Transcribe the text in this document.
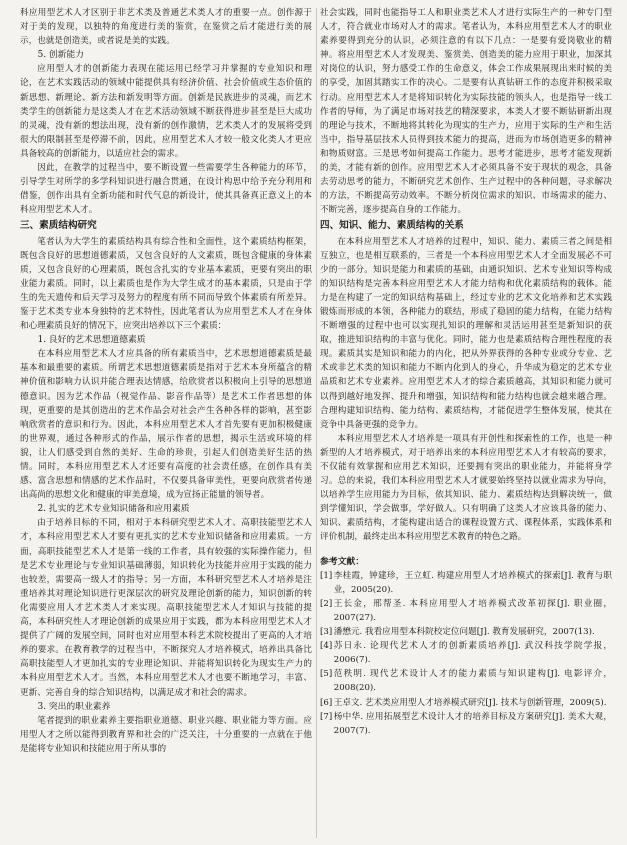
科应用型艺术人才区别于非艺术类及普通艺术类人才的重要一点。创作源于对于美的发现，以独特的角度进行美的鉴赏，在鉴赏之后才能进行美的展示，也就是创造美，或者说是美的实践。

5. 创新能力

应用型人才的创新能力表现在能运用已经学习并掌握的专业知识和理论，在艺术实践活动的领域中能提供具有经济价值、社会价值或生态价值的新思想、新理论、新方法和新发明等方面。创新是民族进步的灵魂，而艺术类学生的创新能力是这类人才在艺术活动领域不断获得进步甚至是巨大成功的灵魂，没有新的想法出现，没有新的创作激情，艺术类人才的发展将受到很大的限制甚至是停滞不前，因此，应用型艺术人才较一般文化类人才更应具备较高的创新能力，以适应社会的需求。

因此，在教学的过程当中，要不断设置一些需要学生各种能力的环节，引导学生对所学的多学科知识进行融合贯通，在设计构思中给予充分利用和借鉴，创作出具有全新功能和时代气息的新设计，使其具备真正意义上的本科应用型艺术人才。

三、素质结构研究

笔者认为大学生的素质结构具有综合性和全面性，这个素质结构框架，既包含良好的思想道德素质，又包含良好的人文素质，既包含健康的身体素质，又包含良好的心理素质，既包含扎实的专业基本素质，更要有突出的职业能力素质。同时，以上素质也是作为大学生成才的基本素质，只是由于学生的先天遗传和后天学习及努力的程度有所不同而导致个体素质有所差异。鉴于艺术类专业本身独特的艺术特性，因此笔者认为应用型艺术人才在身体和心理素质良好的情况下，应突出培养以下三个素质：

1. 良好的艺术思想道德素质

在本科应用型艺术人才应具备的所有素质当中，艺术思想道德素质是最基本和最重要的素质。所谓艺术思想道德素质是指对于艺术本身所蕴含的精神价值和影响力认识并能合理表达情感，给欣赏者以积极向上引导的思想道德意识。因为艺术作品（视觉作品、影音作品等）是艺术工作者思想的体现，更重要的是其创造出的艺术作品会对社会产生各种各样的影响，甚至影响欣赏者的意识和行为。因此，本科应用型艺术人才首先要有更加积极健康的世界观，通过各种形式的作品，展示作者的思想，揭示生活或环境的样貌，让人们感受到自然的美好、生命的珍贵，引起人们创造美好生活的热情。同时，本科应用型艺术人才还要有高度的社会责任感，在创作具有美感、富含思想和情感的艺术作品时，不仅要具备审美性，更要向欣赏者传递出高尚的思想文化和健康的审美意境，成为宣扬正能量的领导者。

2. 扎实的艺术专业知识储备和应用素质

由于培养目标的不同，相对于本科研究型艺术人才、高职技能型艺术人才，本科应用型艺术人才要有更扎实的艺术专业知识储备和应用素质。一方面，高职技能型艺术人才是第一线的工作者，具有较强的实际操作能力，但是艺术专业理论与专业知识基础薄弱，知识转化为技能并应用于实践的能力也较差，需要高一级人才的指导；另一方面，本科研究型艺术人才培养是注重培养其对理论知识进行更深层次的研究及理论创新的能力，知识创新的转化需要应用人才艺术类人才来实现。高职技能型艺术人才知识与技能的提高，本科研究性人才理论创新的成果应用于实践，都为本科应用型艺术人才提供了广阔的发展空间，同时也对应用型本科艺术院校提出了更高的人才培养的要求。在教育教学的过程当中，不断探究人才培养模式，培养出具备比高职技能型人才更加扎实的专业理论知识、并能将知识转化为现实生产力的本科应用型艺术人才。当然，本科应用型艺术人才也要不断地学习，丰富、更新、完善自身的综合知识结构，以满足成才和社会的需求。

3. 突出的职业素养

笔者提到的职业素养主要指职业道德、职业兴趣、职业能力等方面。应用型人才之所以能得到教育界和社会的广泛关注，十分重要的一点就在于他是能将专业知识和技能应用于所从事的

社会实践，同时也能指导工人和职业类艺术人才进行实际生产的一种专门型人才，符合就业市场对人才的需求。笔者认为，本科应用型艺术人才的职业素养要得到充分的认识，必须注意的有以下几点：一是要有爱岗敬业的精神。将应用型艺术人才发现美、鉴赏美、创造美的能力应用于职业，加深其对岗位的认识，努力感受工作的生命意义，体会工作成果展现出来时候的美的享受，加固其踏实工作的决心。二是要有认真钻研工作的态度并积极采取行动。应用型艺术人才是将知识转化为实际技能的领头人，也是指导一线工作者的导师，为了满足市场对技艺的精深要求，本类人才要不断钻研新出现的理论与技术，不断地将其转化为现实的生产力，应用于实际的生产和生活当中，指导基层技术人员得到技术能力的提高，进而为市场创造更多的精神和物质财富。三是思考如何提高工作能力。思考才能进步，思考才能发现新的美，才能有新的创作。应用型艺术人才必须具备不安于现状的观念，具备去劳动思考的能力，不断研究艺术创作、生产过程中的各种问题，寻求解决的方法，不断提高劳动效率。不断分析岗位需求的知识、市场需求的能力、不断完善，逐步提高自身的工作能力。

四、知识、能力、素质结构的关系

在本科应用型艺术人才培养的过程中，知识、能力、素质三者之间是相互独立，也是相互联系的，三者是一个本科应用型艺术人才全面发展必不可少的一部分。知识是能力和素质的基础，由通识知识、艺术专业知识等构成的知识结构是完善本科应用型艺术人才能力结构和优化素质结构的载体。能力是在构建了一定的知识结构基础上，经过专业的艺术文化培养和艺术实践锻炼而形成的本领，各种能力的联结，形成了稳固的能力结构，在能力结构不断增强的过程中也可以实现扎知识的理解和灵活运用甚至是新知识的获取，推进知识结构的丰富与优化。同时，能力也是素质结构合理性程度的表现。素质其实是知识和能力的内化，把从外界获得的各种专业或分专业、艺术或非艺术类的知识和能力不断内化到人的身心，升华成为稳定的艺术专业品质和艺术专业素养。应用型艺术人才的综合素质越高，其知识和能力就可以得到越好地发挥、提升和增强，知识结构和能力结构也就会越来越合理。合理构建知识结构、能力结构、素质结构，才能促进学生整体发展，使其在竞争中具备更强的竞争力。

本科应用型艺术人才培养是一项具有开创性和探索性的工作，也是一种新型的人才培养模式，对于培养出来的本科应用型艺术人才有较高的要求，不仅能有效掌握和应用艺术知识，还要拥有突出的职业能力，并能将身学习。总的来说，我们本科应用型艺术人才就要始终坚持以就业需求为导向，以培养学生应用能力为目标，依其知识、能力、素质结构达到解决统一，做到学懂知识，学会做事，学好做人。只有明确了这类人才应该具备的能力、知识、素质结构，才能构建出适合的课程设置方式、课程体系，实践体系和评价机制，最终走出本科应用型艺术教育的特色之路。

参考文献：

[1] 李桂霞，钟建珍，王立虹. 构建应用型人才培养模式的探索[J]. 教育与职业，2005(20).

[2] 王长金，邢帮圣. 本科应用型人才培养模式改革初探[J]. 职业圈，2007(27).

[3] 潘懋元. 我看应用型本科院校定位问题[J]. 教育发展研究，2007(13).

[4] 苏日永. 论现代艺术人才的创新素质培养[J]. 武汉科技学院学报，2006(7).

[5] 范秩明. 现代艺术设计人才的能力素质与知识建构[J]. 电影评介，2008(20).

[6] 王卓文. 艺术类应用型人才培养模式研究[J]. 技术与创新管理，2009(5).

[7] 杨中华. 应用拓展型艺术设计人才的培养目标及方案研究[J]. 美术大观，2007(7).
